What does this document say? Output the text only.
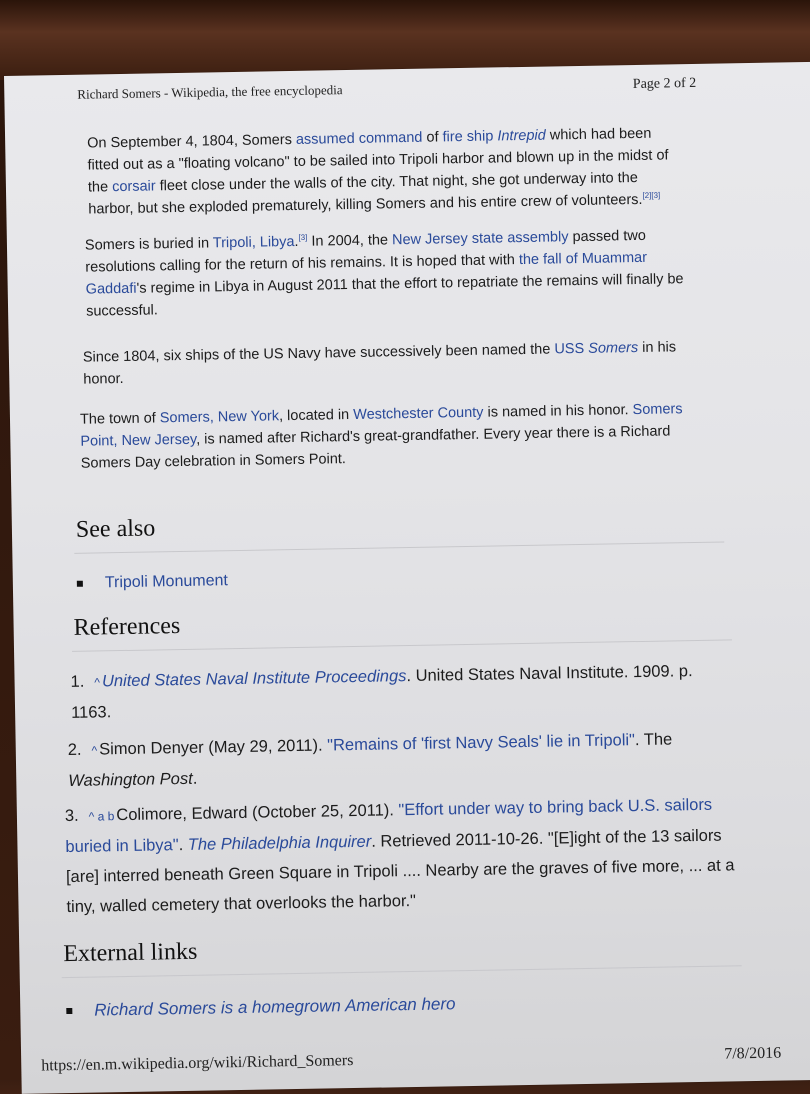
Richard Somers - Wikipedia, the free encyclopedia	Page 2 of 2

On September 4, 1804, Somers assumed command of fire ship Intrepid which had been fitted out as a "floating volcano" to be sailed into Tripoli harbor and blown up in the midst of the corsair fleet close under the walls of the city. That night, she got underway into the harbor, but she exploded prematurely, killing Somers and his entire crew of volunteers.[2][3]

Somers is buried in Tripoli, Libya.[3] In 2004, the New Jersey state assembly passed two resolutions calling for the return of his remains. It is hoped that with the fall of Muammar Gaddafi's regime in Libya in August 2011 that the effort to repatriate the remains will finally be successful.

Since 1804, six ships of the US Navy have successively been named the USS Somers in his honor.

The town of Somers, New York, located in Westchester County is named in his honor. Somers Point, New Jersey, is named after Richard's great-grandfather. Every year there is a Richard Somers Day celebration in Somers Point.

See also
Tripoli Monument
References
1. ^ United States Naval Institute Proceedings. United States Naval Institute. 1909. p. 1163.
2. ^ Simon Denyer (May 29, 2011). "Remains of 'first Navy Seals' lie in Tripoli". The Washington Post.
3. ^ a b Colimore, Edward (October 25, 2011). "Effort under way to bring back U.S. sailors buried in Libya". The Philadelphia Inquirer. Retrieved 2011-10-26. "[E]ight of the 13 sailors [are] interred beneath Green Square in Tripoli .... Nearby are the graves of five more, ... at a tiny, walled cemetery that overlooks the harbor."
External links
Richard Somers is a homegrown American hero
https://en.m.wikipedia.org/wiki/Richard_Somers	7/8/2016
